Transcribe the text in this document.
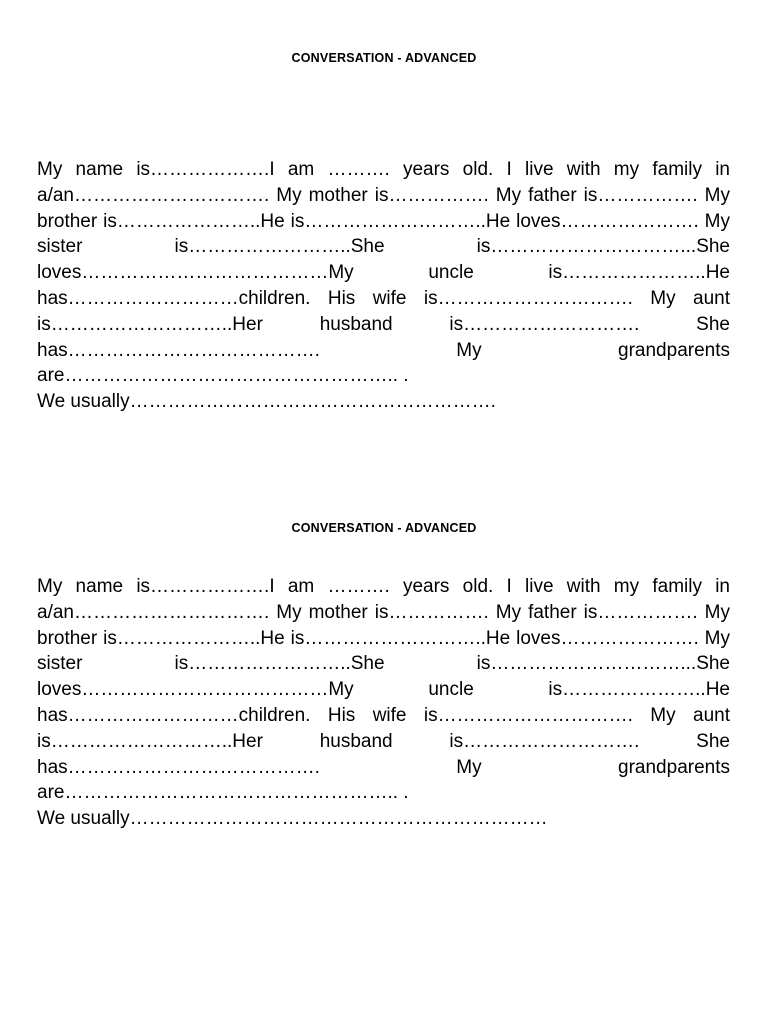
CONVERSATION - ADVANCED

My name is……………….I am ………. years old. I live with my family in a/an…………………………. My mother is……………. My father is……………. My brother is…………………..He is………………………..He loves…………………. My sister is……………………..She is…………………………...She loves…………………………………My uncle is…………………..He has………………………children. His wife is…………………………. My aunt is………………………..Her husband is………………………. She has…………………………………. My grandparents are…………………………………………….. .

We usually………………………………………………….

CONVERSATION - ADVANCED

My name is……………….I am ………. years old. I live with my family in a/an…………………………. My mother is……………. My father is……………. My brother is…………………..He is………………………..He loves…………………. My sister is……………………..She is…………………………...She loves…………………………………My uncle is…………………..He has………………………children. His wife is…………………………. My aunt is………………………..Her husband is………………………. She has…………………………………. My grandparents are…………………………………………….. .

We usually…………………………………………………………
